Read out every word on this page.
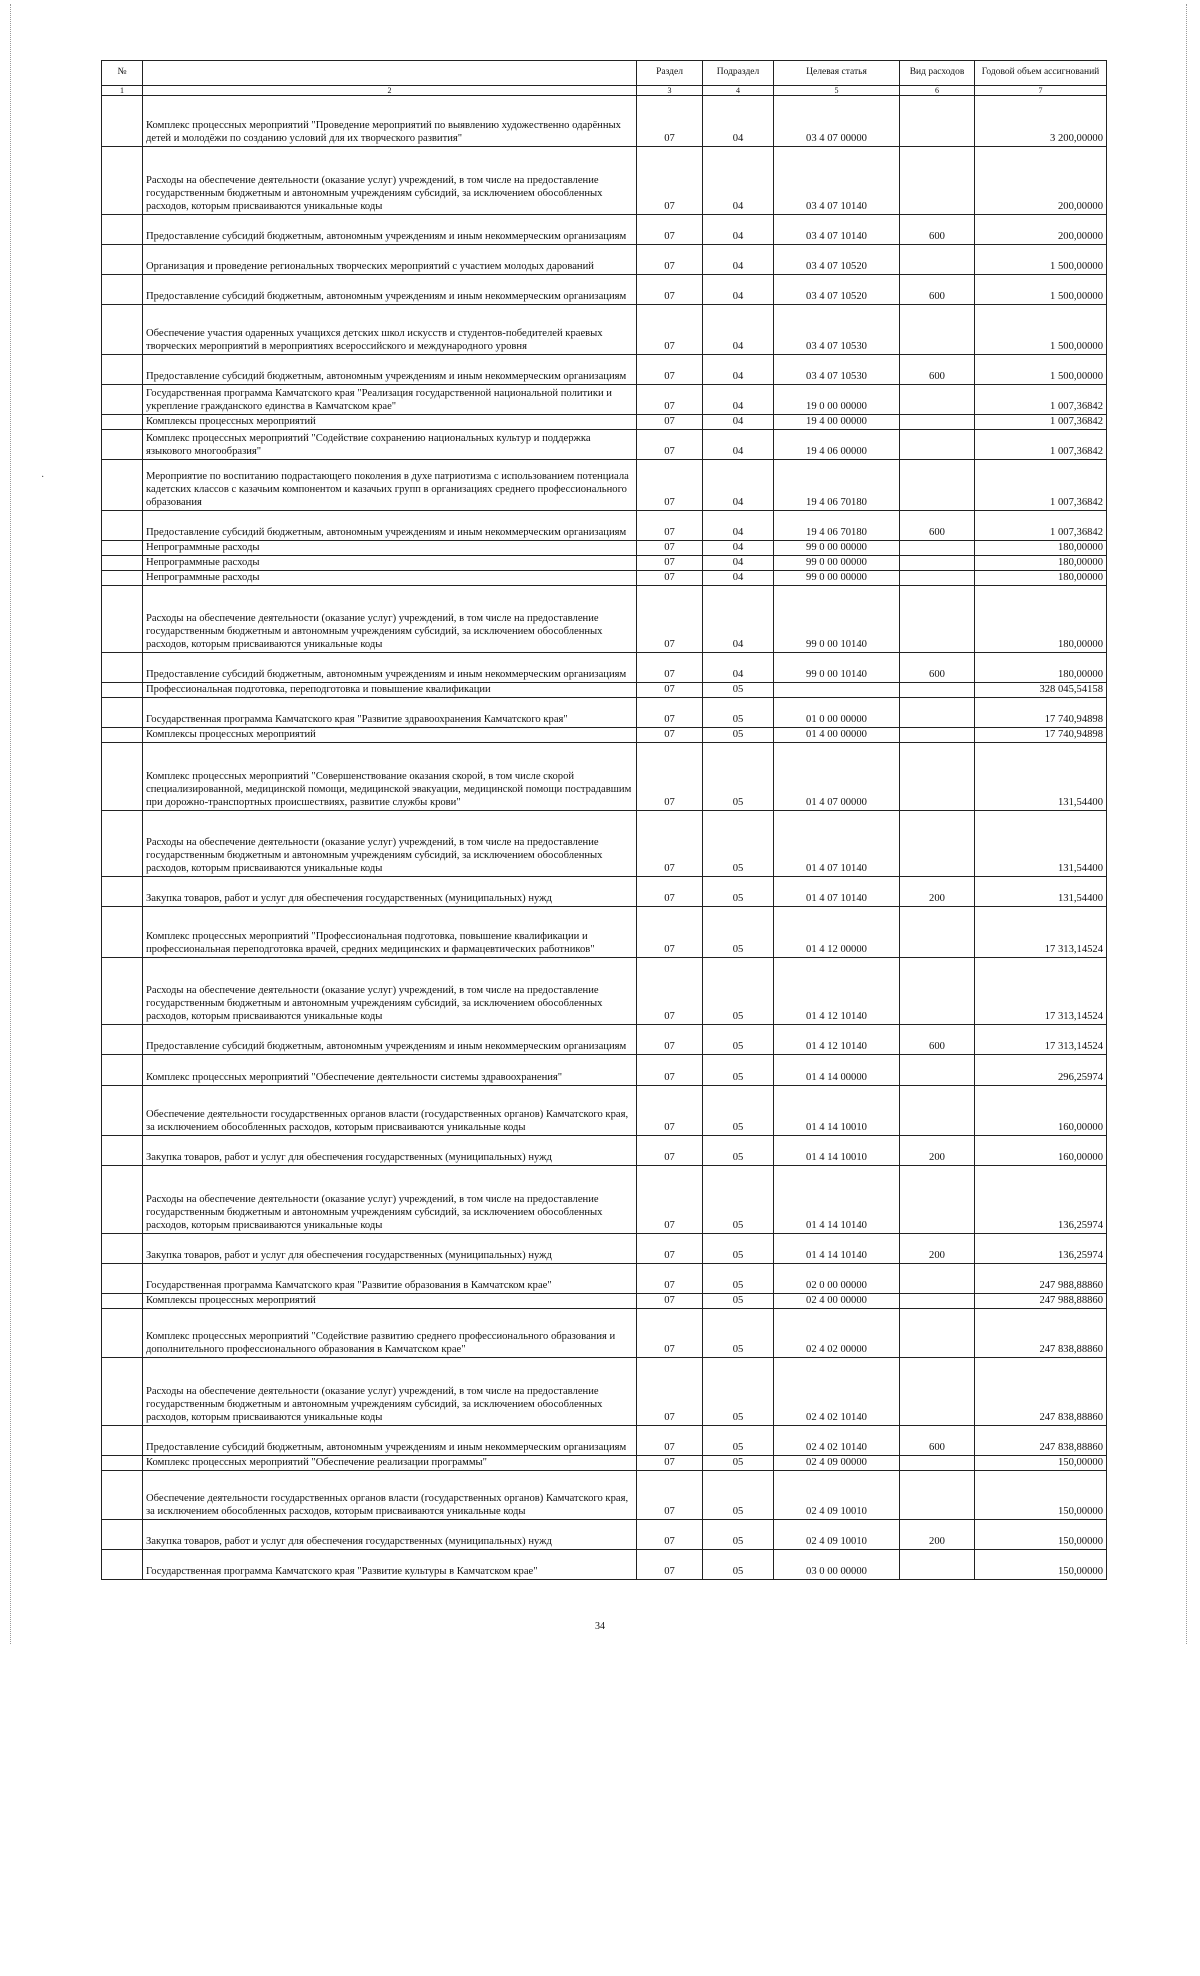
№		Раздел	Подраздел	Целевая статья	Вид расходов	Годовой объем ассигнований
1	2	3	4	5	6	7
	Комплекс процессных мероприятий "Проведение мероприятий по выявлению художественно одарённых детей и молодёжи по созданию условий для их творческого развития"	07	04	03 4 07 00000		3 200,00000
	Расходы на обеспечение деятельности (оказание услуг) учреждений, в том числе на предоставление государственным бюджетным и автономным учреждениям субсидий, за исключением обособленных расходов, которым присваиваются уникальные коды	07	04	03 4 07 10140		200,00000
	Предоставление субсидий бюджетным, автономным учреждениям и иным некоммерческим организациям	07	04	03 4 07 10140	600	200,00000
	Организация и проведение региональных творческих мероприятий с участием молодых дарований	07	04	03 4 07 10520		1 500,00000
	Предоставление субсидий бюджетным, автономным учреждениям и иным некоммерческим организациям	07	04	03 4 07 10520	600	1 500,00000
	Обеспечение участия одаренных учащихся детских школ искусств и студентов-победителей краевых творческих мероприятий в мероприятиях всероссийского и международного уровня	07	04	03 4 07 10530		1 500,00000
	Предоставление субсидий бюджетным, автономным учреждениям и иным некоммерческим организациям	07	04	03 4 07 10530	600	1 500,00000
	Государственная программа Камчатского края "Реализация государственной национальной политики и укрепление гражданского единства в Камчатском крае"	07	04	19 0 00 00000		1 007,36842
	Комплексы процессных мероприятий	07	04	19 4 00 00000		1 007,36842
	Комплекс процессных мероприятий "Содействие сохранению национальных культур и поддержка языкового многообразия"	07	04	19 4 06 00000		1 007,36842
	Мероприятие по воспитанию подрастающего поколения в духе патриотизма с использованием потенциала кадетских классов с казачьим компонентом и казачьих групп в организациях среднего профессионального образования	07	04	19 4 06 70180		1 007,36842
	Предоставление субсидий бюджетным, автономным учреждениям и иным некоммерческим организациям	07	04	19 4 06 70180	600	1 007,36842
	Непрограммные расходы	07	04	99 0 00 00000		180,00000
	Непрограммные расходы	07	04	99 0 00 00000		180,00000
	Непрограммные расходы	07	04	99 0 00 00000		180,00000
	Расходы на обеспечение деятельности (оказание услуг) учреждений, в том числе на предоставление государственным бюджетным и автономным учреждениям субсидий, за исключением обособленных расходов, которым присваиваются уникальные коды	07	04	99 0 00 10140		180,00000
	Предоставление субсидий бюджетным, автономным учреждениям и иным некоммерческим организациям	07	04	99 0 00 10140	600	180,00000
	Профессиональная подготовка, переподготовка и повышение квалификации	07	05			328 045,54158
	Государственная программа Камчатского края "Развитие здравоохранения Камчатского края"	07	05	01 0 00 00000		17 740,94898
	Комплексы процессных мероприятий	07	05	01 4 00 00000		17 740,94898
	Комплекс процессных мероприятий "Совершенствование оказания скорой, в том числе скорой специализированной, медицинской помощи, медицинской эвакуации, медицинской помощи пострадавшим при дорожно-транспортных происшествиях, развитие службы крови"	07	05	01 4 07 00000		131,54400
	Расходы на обеспечение деятельности (оказание услуг) учреждений, в том числе на предоставление государственным бюджетным и автономным учреждениям субсидий, за исключением обособленных расходов, которым присваиваются уникальные коды	07	05	01 4 07 10140		131,54400
	Закупка товаров, работ и услуг для обеспечения государственных (муниципальных) нужд	07	05	01 4 07 10140	200	131,54400
	Комплекс процессных мероприятий "Профессиональная подготовка, повышение квалификации и профессиональная переподготовка врачей, средних медицинских и фармацевтических работников"	07	05	01 4 12 00000		17 313,14524
	Расходы на обеспечение деятельности (оказание услуг) учреждений, в том числе на предоставление государственным бюджетным и автономным учреждениям субсидий, за исключением обособленных расходов, которым присваиваются уникальные коды	07	05	01 4 12 10140		17 313,14524
	Предоставление субсидий бюджетным, автономным учреждениям и иным некоммерческим организациям	07	05	01 4 12 10140	600	17 313,14524
	Комплекс процессных мероприятий "Обеспечение деятельности системы здравоохранения"	07	05	01 4 14 00000		296,25974
	Обеспечение деятельности государственных органов власти (государственных органов) Камчатского края, за исключением обособленных расходов, которым присваиваются уникальные коды	07	05	01 4 14 10010		160,00000
	Закупка товаров, работ и услуг для обеспечения государственных (муниципальных) нужд	07	05	01 4 14 10010	200	160,00000
	Расходы на обеспечение деятельности (оказание услуг) учреждений, в том числе на предоставление государственным бюджетным и автономным учреждениям субсидий, за исключением обособленных расходов, которым присваиваются уникальные коды	07	05	01 4 14 10140		136,25974
	Закупка товаров, работ и услуг для обеспечения государственных (муниципальных) нужд	07	05	01 4 14 10140	200	136,25974
	Государственная программа Камчатского края "Развитие образования в Камчатском крае"	07	05	02 0 00 00000		247 988,88860
	Комплексы процессных мероприятий	07	05	02 4 00 00000		247 988,88860
	Комплекс процессных мероприятий "Содействие развитию среднего профессионального образования и дополнительного профессионального образования в Камчатском крае"	07	05	02 4 02 00000		247 838,88860
	Расходы на обеспечение деятельности (оказание услуг) учреждений, в том числе на предоставление государственным бюджетным и автономным учреждениям субсидий, за исключением обособленных расходов, которым присваиваются уникальные коды	07	05	02 4 02 10140		247 838,88860
	Предоставление субсидий бюджетным, автономным учреждениям и иным некоммерческим организациям	07	05	02 4 02 10140	600	247 838,88860
	Комплекс процессных мероприятий "Обеспечение реализации программы"	07	05	02 4 09 00000		150,00000
	Обеспечение деятельности государственных органов власти (государственных органов) Камчатского края, за исключением обособленных расходов, которым присваиваются уникальные коды	07	05	02 4 09 10010		150,00000
	Закупка товаров, работ и услуг для обеспечения государственных (муниципальных) нужд	07	05	02 4 09 10010	200	150,00000
	Государственная программа Камчатского края "Развитие культуры в Камчатском крае"	07	05	03 0 00 00000		150,00000
·
34
